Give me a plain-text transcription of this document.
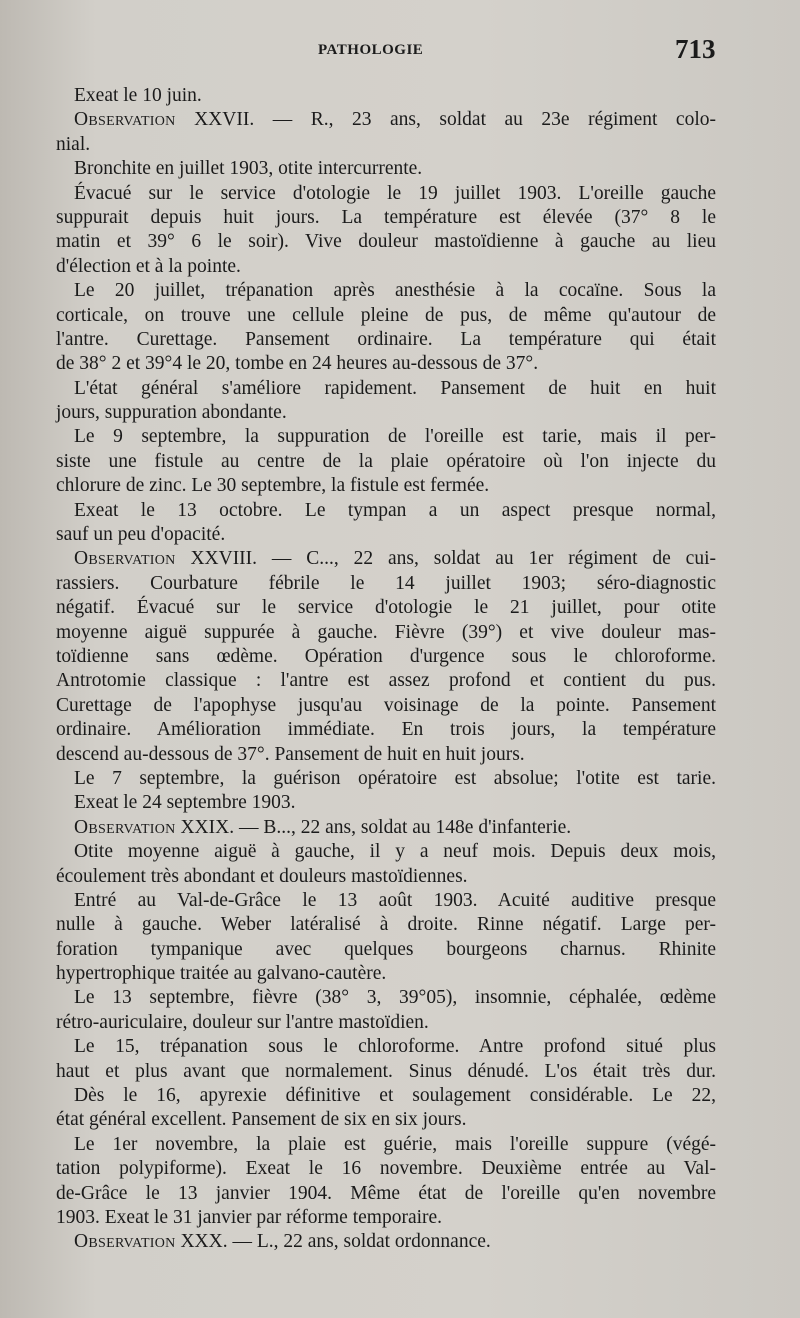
PATHOLOGIE	713
Exeat le 10 juin.
Observation XXVII. — R., 23 ans, soldat au 23e régiment colo-
nial.
Bronchite en juillet 1903, otite intercurrente.
Évacué sur le service d'otologie le 19 juillet 1903. L'oreille gauche
suppurait depuis huit jours. La température est élevée (37° 8 le
matin et 39° 6 le soir). Vive douleur mastoïdienne à gauche au lieu
d'élection et à la pointe.
Le 20 juillet, trépanation après anesthésie à la cocaïne. Sous la
corticale, on trouve une cellule pleine de pus, de même qu'autour de
l'antre. Curettage. Pansement ordinaire. La température qui était
de 38° 2 et 39°4 le 20, tombe en 24 heures au-dessous de 37°.
L'état général s'améliore rapidement. Pansement de huit en huit
jours, suppuration abondante.
Le 9 septembre, la suppuration de l'oreille est tarie, mais il per-
siste une fistule au centre de la plaie opératoire où l'on injecte du
chlorure de zinc. Le 30 septembre, la fistule est fermée.
Exeat le 13 octobre. Le tympan a un aspect presque normal,
sauf un peu d'opacité.
Observation XXVIII. — C..., 22 ans, soldat au 1er régiment de cui-
rassiers. Courbature fébrile le 14 juillet 1903; séro-diagnostic
négatif. Évacué sur le service d'otologie le 21 juillet, pour otite
moyenne aiguë suppurée à gauche. Fièvre (39°) et vive douleur mas-
toïdienne sans œdème. Opération d'urgence sous le chloroforme.
Antrotomie classique : l'antre est assez profond et contient du pus.
Curettage de l'apophyse jusqu'au voisinage de la pointe. Pansement
ordinaire. Amélioration immédiate. En trois jours, la température
descend au-dessous de 37°. Pansement de huit en huit jours.
Le 7 septembre, la guérison opératoire est absolue; l'otite est tarie.
Exeat le 24 septembre 1903.
Observation XXIX. — B..., 22 ans, soldat au 148e d'infanterie.
Otite moyenne aiguë à gauche, il y a neuf mois. Depuis deux mois,
écoulement très abondant et douleurs mastoïdiennes.
Entré au Val-de-Grâce le 13 août 1903. Acuité auditive presque
nulle à gauche. Weber latéralisé à droite. Rinne négatif. Large per-
foration tympanique avec quelques bourgeons charnus. Rhinite
hypertrophique traitée au galvano-cautère.
Le 13 septembre, fièvre (38° 3, 39°05), insomnie, céphalée, œdème
rétro-auriculaire, douleur sur l'antre mastoïdien.
Le 15, trépanation sous le chloroforme. Antre profond situé plus
haut et plus avant que normalement. Sinus dénudé. L'os était très dur.
Dès le 16, apyrexie définitive et soulagement considérable. Le 22,
état général excellent. Pansement de six en six jours.
Le 1er novembre, la plaie est guérie, mais l'oreille suppure (végé-
tation polypiforme). Exeat le 16 novembre. Deuxième entrée au Val-
de-Grâce le 13 janvier 1904. Même état de l'oreille qu'en novembre
1903. Exeat le 31 janvier par réforme temporaire.
Observation XXX. — L., 22 ans, soldat ordonnance.
